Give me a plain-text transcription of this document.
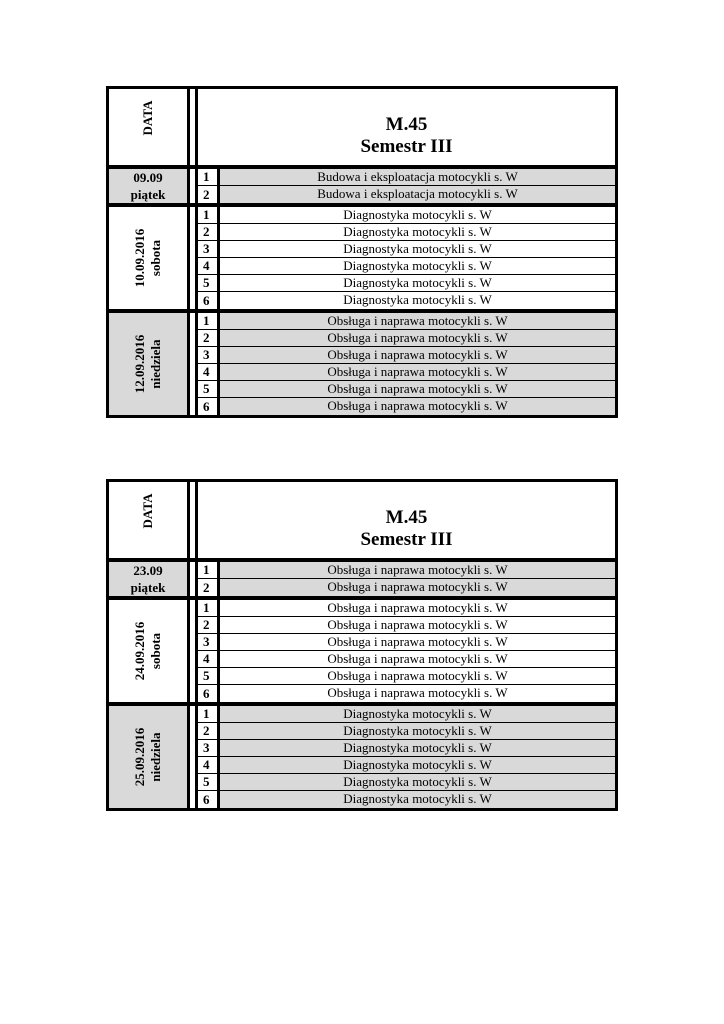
DATA	M.45
Semestr III
09.09
piątek
1	Budowa i eksploatacja motocykli s. W
2	Budowa i eksploatacja motocykli s. W
10.09.2016
sobota
1	Diagnostyka motocykli s. W
2	Diagnostyka motocykli s. W
3	Diagnostyka motocykli s. W
4	Diagnostyka motocykli s. W
5	Diagnostyka motocykli s. W
6	Diagnostyka motocykli s. W
12.09.2016
niedziela
1	Obsługa i naprawa motocykli s. W
2	Obsługa i naprawa motocykli s. W
3	Obsługa i naprawa motocykli s. W
4	Obsługa i naprawa motocykli s. W
5	Obsługa i naprawa motocykli s. W
6	Obsługa i naprawa motocykli s. W
DATA	M.45
Semestr III
23.09
piątek
1	Obsługa i naprawa motocykli s. W
2	Obsługa i naprawa motocykli s. W
24.09.2016
sobota
1	Obsługa i naprawa motocykli s. W
2	Obsługa i naprawa motocykli s. W
3	Obsługa i naprawa motocykli s. W
4	Obsługa i naprawa motocykli s. W
5	Obsługa i naprawa motocykli s. W
6	Obsługa i naprawa motocykli s. W
25.09.2016
niedziela
1	Diagnostyka motocykli s. W
2	Diagnostyka motocykli s. W
3	Diagnostyka motocykli s. W
4	Diagnostyka motocykli s. W
5	Diagnostyka motocykli s. W
6	Diagnostyka motocykli s. W
